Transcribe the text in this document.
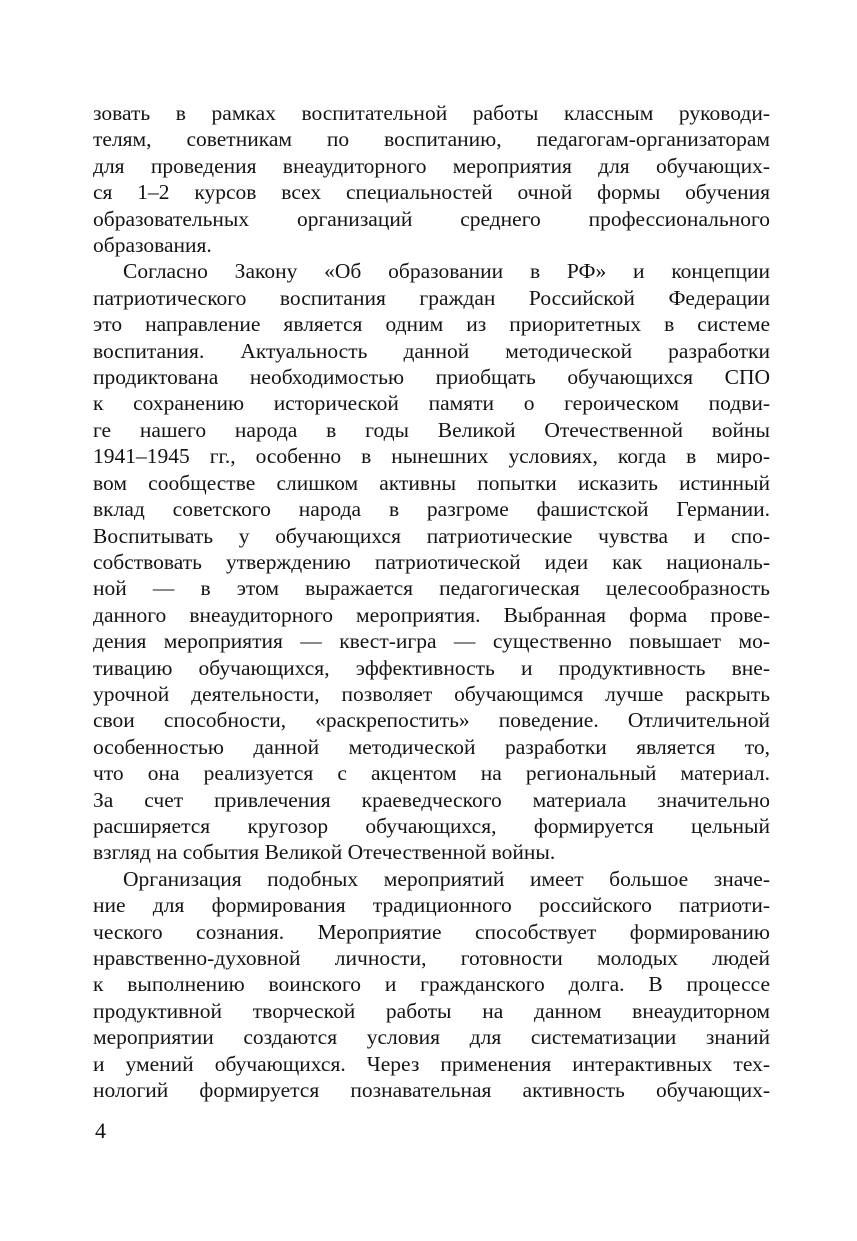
зовать в рамках воспитательной работы классным руководи-
телям, советникам по воспитанию, педагогам-организаторам
для проведения внеаудиторного мероприятия для обучающих-
ся 1–2 курсов всех специальностей очной формы обучения
образовательных организаций среднего профессионального
образования.

Согласно Закону «Об образовании в РФ» и концепции
патриотического воспитания граждан Российской Федерации
это направление является одним из приоритетных в системе
воспитания. Актуальность данной методической разработки
продиктована необходимостью приобщать обучающихся СПО
к сохранению исторической памяти о героическом подви-
ге нашего народа в годы Великой Отечественной войны
1941–1945 гг., особенно в нынешних условиях, когда в миро-
вом сообществе слишком активны попытки исказить истинный
вклад советского народа в разгроме фашистской Германии.
Воспитывать у обучающихся патриотические чувства и спо-
собствовать утверждению патриотической идеи как националь-
ной — в этом выражается педагогическая целесообразность
данного внеаудиторного мероприятия. Выбранная форма прове-
дения мероприятия — квест-игра — существенно повышает мо-
тивацию обучающихся, эффективность и продуктивность вне-
урочной деятельности, позволяет обучающимся лучше раскрыть
свои способности, «раскрепостить» поведение. Отличительной
особенностью данной методической разработки является то,
что она реализуется с акцентом на региональный материал.
За счет привлечения краеведческого материала значительно
расширяется кругозор обучающихся, формируется цельный
взгляд на события Великой Отечественной войны.

Организация подобных мероприятий имеет большое значе-
ние для формирования традиционного российского патриоти-
ческого сознания. Мероприятие способствует формированию
нравственно-духовной личности, готовности молодых людей
к выполнению воинского и гражданского долга. В процессе
продуктивной творческой работы на данном внеаудиторном
мероприятии создаются условия для систематизации знаний
и умений обучающихся. Через применения интерактивных тех-
нологий формируется познавательная активность обучающих-

4
